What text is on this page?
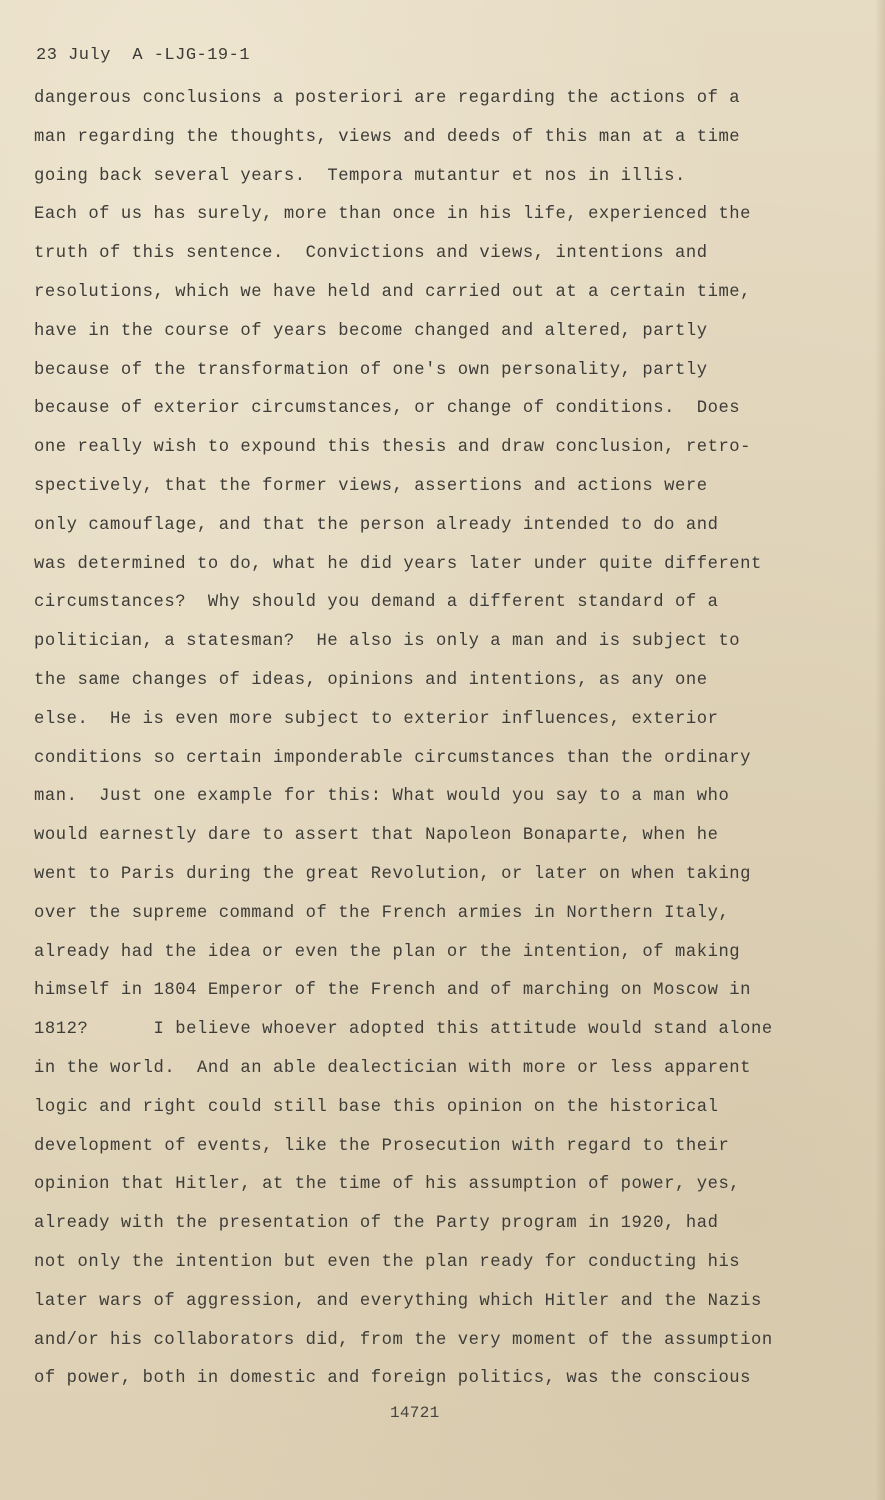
23 July  A -LJG-19-1

dangerous conclusions a posteriori are regarding the actions of a
man regarding the thoughts, views and deeds of this man at a time
going back several years.  Tempora mutantur et nos in illis.
Each of us has surely, more than once in his life, experienced the
truth of this sentence.  Convictions and views, intentions and
resolutions, which we have held and carried out at a certain time,
have in the course of years become changed and altered, partly
because of the transformation of one's own personality, partly
because of exterior circumstances, or change of conditions.  Does
one really wish to expound this thesis and draw conclusion, retro-
spectively, that the former views, assertions and actions were
only camouflage, and that the person already intended to do and
was determined to do, what he did years later under quite different
circumstances?  Why should you demand a different standard of a
politician, a statesman?  He also is only a man and is subject to
the same changes of ideas, opinions and intentions, as any one
else.  He is even more subject to exterior influences, exterior
conditions so certain imponderable circumstances than the ordinary
man.  Just one example for this: What would you say to a man who
would earnestly dare to assert that Napoleon Bonaparte, when he
went to Paris during the great Revolution, or later on when taking
over the supreme command of the French armies in Northern Italy,
already had the idea or even the plan or the intention, of making
himself in 1804 Emperor of the French and of marching on Moscow in
1812?      I believe whoever adopted this attitude would stand alone
in the world.  And an able dealectician with more or less apparent
logic and right could still base this opinion on the historical
development of events, like the Prosecution with regard to their
opinion that Hitler, at the time of his assumption of power, yes,
already with the presentation of the Party program in 1920, had
not only the intention but even the plan ready for conducting his
later wars of aggression, and everything which Hitler and the Nazis
and/or his collaborators did, from the very moment of the assumption
of power, both in domestic and foreign politics, was the conscious

14721
